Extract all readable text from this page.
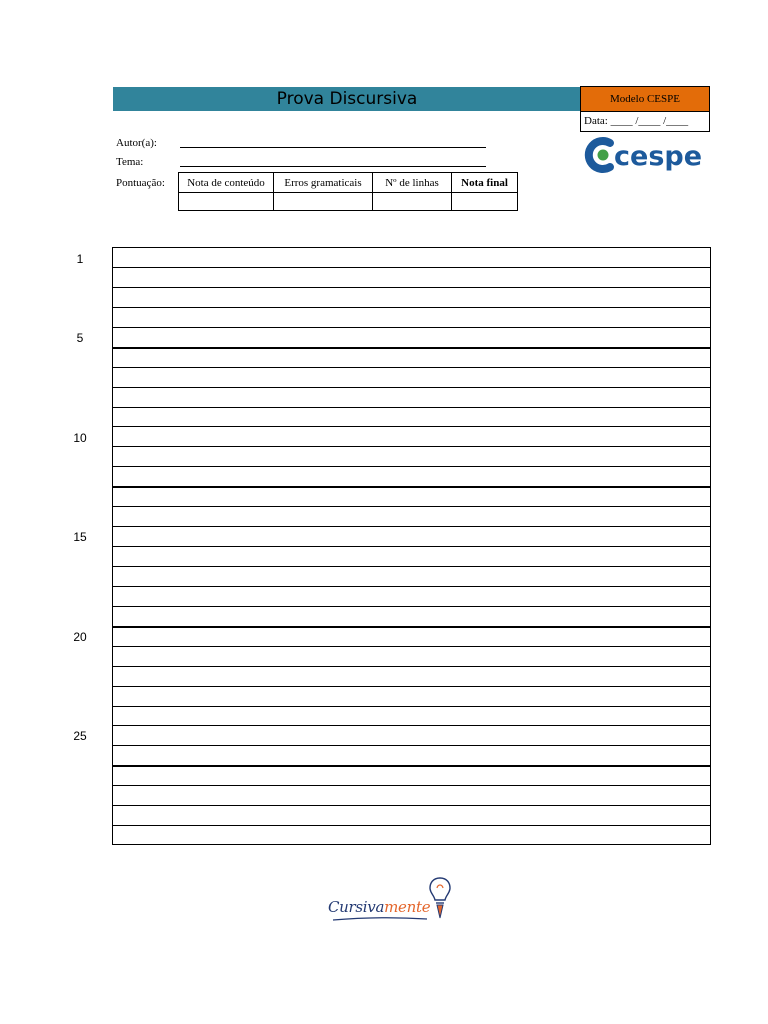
Prova Discursiva	Modelo CESPE
Data: ____ /____ /____
cespe
Autor(a):
Tema:
Pontuação: Nota de conteúdo	Erros gramaticais	Nº de linhas	Nota final

1
5
10
15
20
25
Cursivamente
